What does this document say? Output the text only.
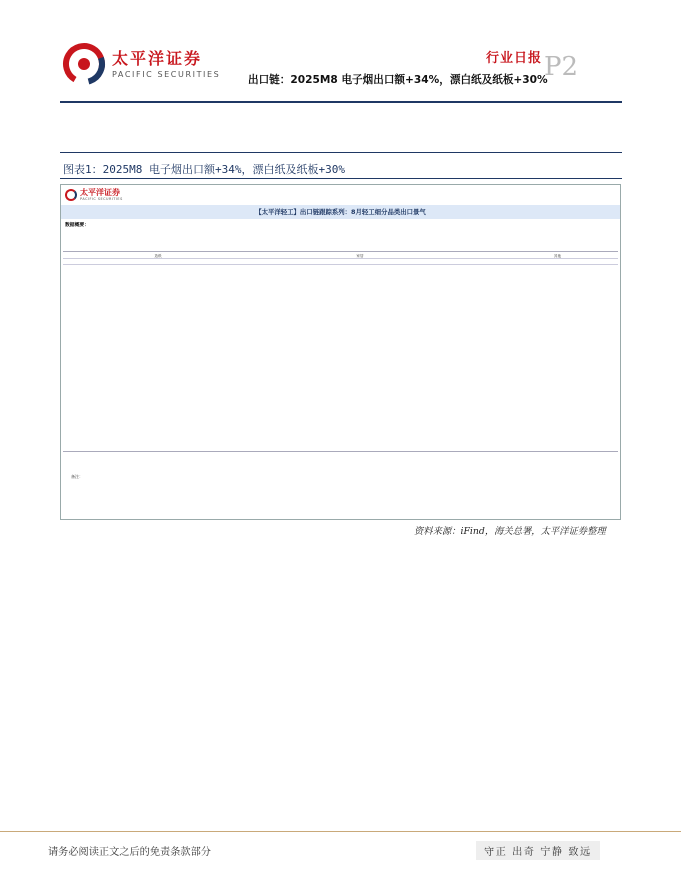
太平洋证券
PACIFIC SECURITIES
行业日报 P2
出口链：2025M8 电子烟出口额+34%，漂白纸及纸板+30%
图表1：2025M8 电子烟出口额+34%，漂白纸及纸板+30%
太平洋证券
PACIFIC SECURITIES
【太平洋轻工】出口链跟踪系列：8月轻工细分品类出口景气
数据概要：
造纸	家居	其他
备注：
资料来源：iFind，海关总署，太平洋证券整理
请务必阅读正文之后的免责条款部分	守正 出奇 宁静 致远
